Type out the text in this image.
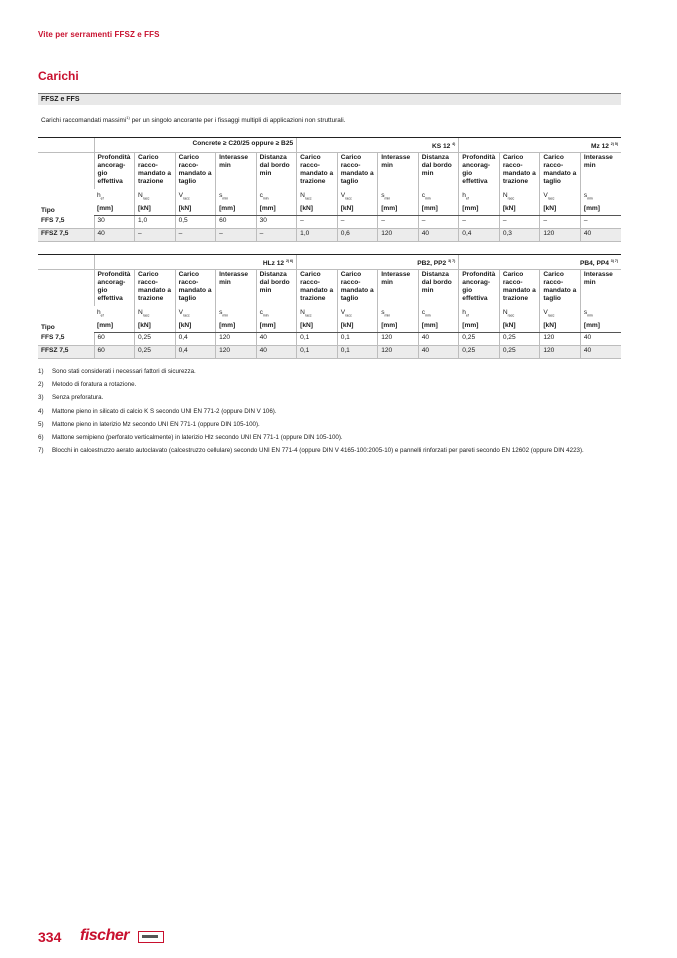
Vite per serramenti FFSZ e FFS
Carichi
FFSZ e FFS
Carichi raccomandati massimi$^{1)}$ per un singolo ancorante per i fissaggi multipli di applicazioni non strutturali.
	Concrete ≥ C20/25 oppure ≥ B25					KS 12 $^{4)}$				Mz 12 $^{2) 5)}$
Tipo	Profondità ancorag-gio effettiva	Carico racco-mandato a trazione	Carico racco-mandato a taglio	Interasse min	Distanza dal bordo min	Carico racco-mandato a trazione	Carico racco-mandato a taglio	Interasse min	Distanza dal bordo min	Profondità ancorag-gio effettiva	Carico racco-mandato a trazione	Carico racco-mandato a taglio	Interasse min
	$h_{ef}$	$N_{racc}$	$V_{racc}$	$s_{min}$	$c_{min}$	$N_{racc}$	$V_{racc}$	$s_{min}$	$c_{min}$	$h_{ef}$	$N_{racc}$	$V_{racc}$	$s_{min}$
	[mm]	[kN]	[kN]	[mm]	[mm]	[kN]	[kN]	[mm]	[mm]	[mm]	[kN]	[kN]	[mm]
FFS 7,5	30	1,0	0,5	60	30	–	–	–	–	–	–	–	–
FFSZ 7,5	40	–	–	–	–	1,0	0,6	120	40	0,4	0,3	120	40
	HLz 12 $^{2) 6)}$					PB2, PP2 $^{3) 7)}$				PB4, PP4 $^{3) 7)}$
Tipo	Profondità ancorag-gio effettiva	Carico racco-mandato a trazione	Carico racco-mandato a taglio	Interasse min	Distanza dal bordo min	Carico racco-mandato a trazione	Carico racco-mandato a taglio	Interasse min	Distanza dal bordo min	Profondità ancorag-gio effettiva	Carico racco-mandato a trazione	Carico racco-mandato a taglio	Interasse min
	$h_{ef}$	$N_{racc}$	$V_{racc}$	$s_{min}$	$c_{min}$	$N_{racc}$	$V_{racc}$	$s_{min}$	$c_{min}$	$h_{ef}$	$N_{racc}$	$V_{racc}$	$s_{min}$
	[mm]	[kN]	[kN]	[mm]	[mm]	[kN]	[kN]	[mm]	[mm]	[mm]	[kN]	[kN]	[mm]
FFS 7,5	60	0,25	0,4	120	40	0,1	0,1	120	40	0,25	0,25	120	40
FFSZ 7,5	60	0,25	0,4	120	40	0,1	0,1	120	40	0,25	0,25	120	40
1)	Sono stati considerati i necessari fattori di sicurezza.
2)	Metodo di foratura a rotazione.
3)	Senza preforatura.
4)	Mattone pieno in silicato di calcio K S secondo UNI EN 771-2 (oppure DIN V 106).
5)	Mattone pieno in laterizio Mz secondo UNI EN 771-1 (oppure DIN 105-100).
6)	Mattone semipieno (perforato verticalmente) in laterizio Hlz secondo UNI EN 771-1 (oppure DIN 105-100).
7)	Blocchi in calcestruzzo aerato autoclavato (calcestruzzo cellulare) secondo UNI EN 771-4 (oppure DIN V 4165-100:2005-10) e pannelli rinforzati per pareti secondo EN 12602 (oppure DIN 4223).
334 fischer
